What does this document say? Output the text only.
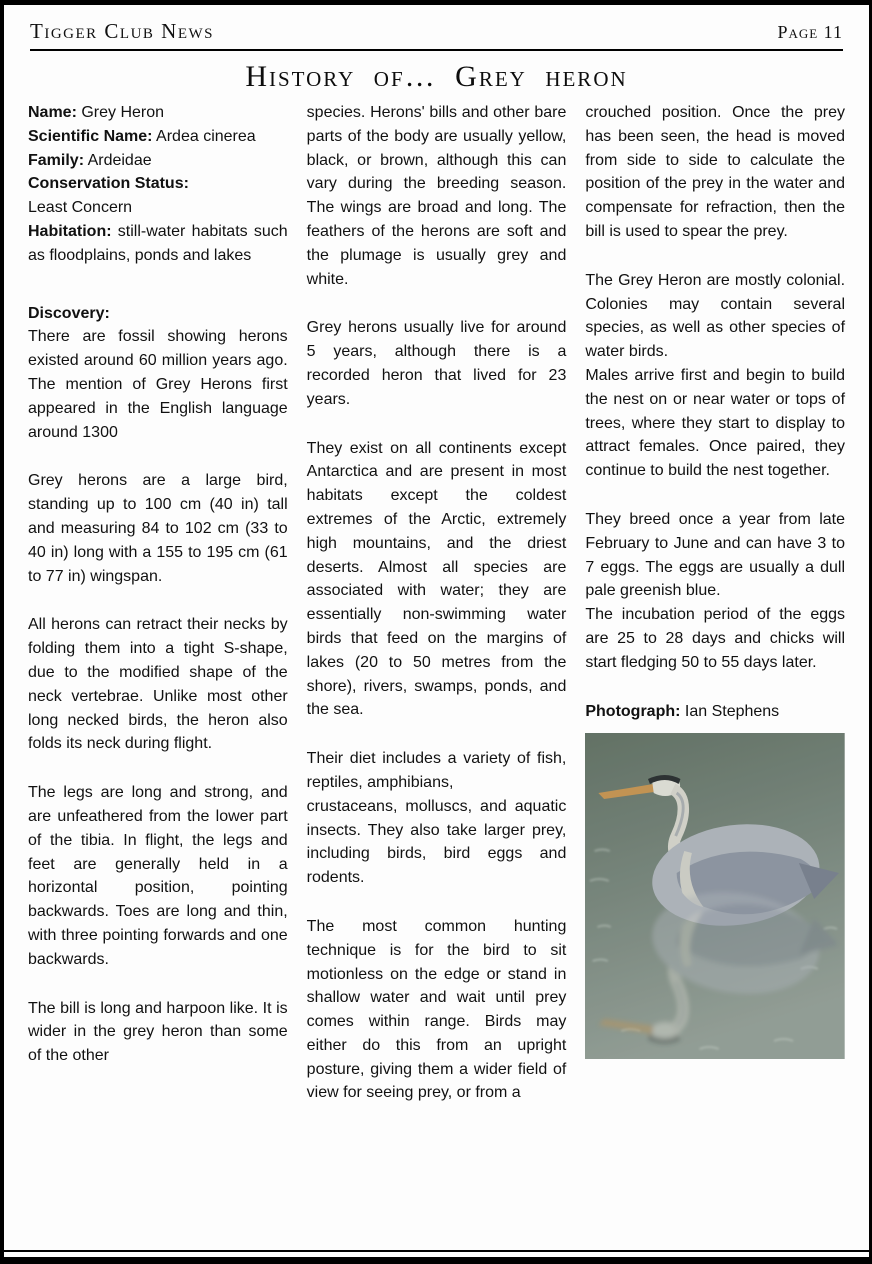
Tigger Club News	Page 11
History of… Grey heron

Name: Grey Heron

Scientific Name: Ardea cinerea

Family: Ardeidae

Conservation Status:

Least Concern

Habitation: still-water habitats such as floodplains, ponds and lakes

Discovery:

There are fossil showing herons existed around 60 million years ago. The mention of Grey Herons first appeared in the English language around 1300

Grey herons are a large bird, standing up to 100 cm (40 in) tall and measuring 84 to 102 cm (33 to 40 in) long with a 155 to 195 cm (61 to 77 in) wingspan.

All herons can retract their necks by folding them into a tight S-shape, due to the modified shape of the neck vertebrae. Unlike most other long necked birds, the heron also folds its neck during flight.

The legs are long and strong, and are unfeathered from the lower part of the tibia. In flight, the legs and feet are generally held in a horizontal position, pointing backwards. Toes are long and thin, with three pointing forwards and one backwards.

The bill is long and harpoon like. It is wider in the grey heron than some of the other

species. Herons' bills and other bare parts of the body are usually yellow, black, or brown, although this can vary during the breeding season. The wings are broad and long. The feathers of the herons are soft and the plumage is usually grey and white.

Grey herons usually live for around 5 years, although there is a recorded heron that lived for 23 years.

They exist on all continents except Antarctica and are present in most habitats except the coldest extremes of the Arctic, extremely high mountains, and the driest deserts. Almost all species are associated with water; they are essentially non-swimming water birds that feed on the margins of lakes (20 to 50 metres from the shore), rivers, swamps, ponds, and the sea.

Their diet includes a variety of fish, reptiles, amphibians,
crustaceans, molluscs, and aquatic insects. They also take larger prey, including birds, bird eggs and rodents.

The most common hunting technique is for the bird to sit motionless on the edge or stand in shallow water and wait until prey comes within range. Birds may either do this from an upright posture, giving them a wider field of view for seeing prey, or from a

crouched position. Once the prey has been seen, the head is moved from side to side to calculate the position of the prey in the water and compensate for refraction, then the bill is used to spear the prey.

The Grey Heron are mostly colonial. Colonies may contain several species, as well as other species of water birds.

Males arrive first and begin to build the nest on or near water or tops of trees, where they start to display to attract females. Once paired, they continue to build the nest together.

They breed once a year from late February to June and can have 3 to 7 eggs. The eggs are usually a dull pale greenish blue.

The incubation period of the eggs are 25 to 28 days and chicks will start fledging 50 to 55 days later.

Photograph: Ian Stephens
